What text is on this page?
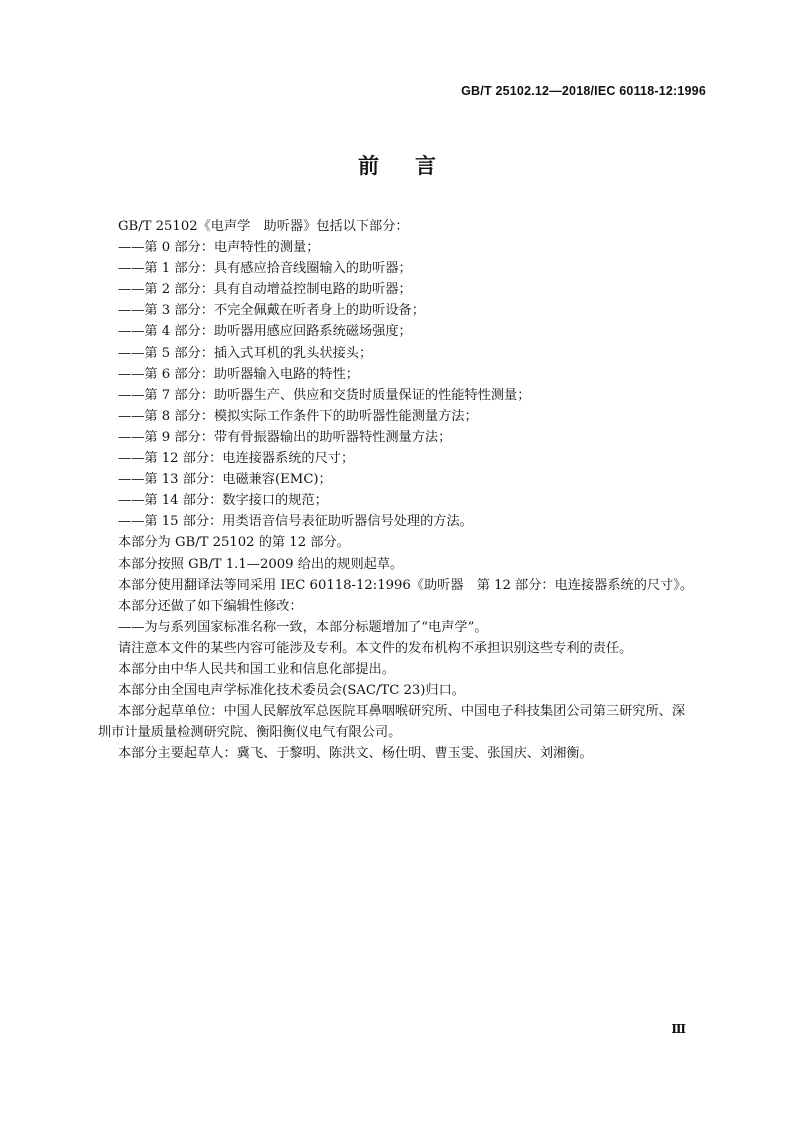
GB/T 25102.12—2018/IEC 60118-12:1996
前言
GB/T 25102《电声学　助听器》包括以下部分：
——第 0 部分：电声特性的测量；
——第 1 部分：具有感应拾音线圈输入的助听器；
——第 2 部分：具有自动增益控制电路的助听器；
——第 3 部分：不完全佩戴在听者身上的助听设备；
——第 4 部分：助听器用感应回路系统磁场强度；
——第 5 部分：插入式耳机的乳头状接头；
——第 6 部分：助听器输入电路的特性；
——第 7 部分：助听器生产、供应和交货时质量保证的性能特性测量；
——第 8 部分：模拟实际工作条件下的助听器性能测量方法；
——第 9 部分：带有骨振器输出的助听器特性测量方法；
——第 12 部分：电连接器系统的尺寸；
——第 13 部分：电磁兼容(EMC)；
——第 14 部分：数字接口的规范；
——第 15 部分：用类语音信号表征助听器信号处理的方法。
本部分为 GB/T 25102 的第 12 部分。
本部分按照 GB/T 1.1—2009 给出的规则起草。
本部分使用翻译法等同采用 IEC 60118-12:1996《助听器　第 12 部分：电连接器系统的尺寸》。
本部分还做了如下编辑性修改：
——为与系列国家标准名称一致，本部分标题增加了“电声学”。
请注意本文件的某些内容可能涉及专利。本文件的发布机构不承担识别这些专利的责任。
本部分由中华人民共和国工业和信息化部提出。
本部分由全国电声学标准化技术委员会(SAC/TC 23)归口。
本部分起草单位：中国人民解放军总医院耳鼻咽喉研究所、中国电子科技集团公司第三研究所、深
圳市计量质量检测研究院、衡阳衡仪电气有限公司。
本部分主要起草人：冀飞、于黎明、陈洪文、杨仕明、曹玉雯、张国庆、刘湘衡。
Ⅲ
